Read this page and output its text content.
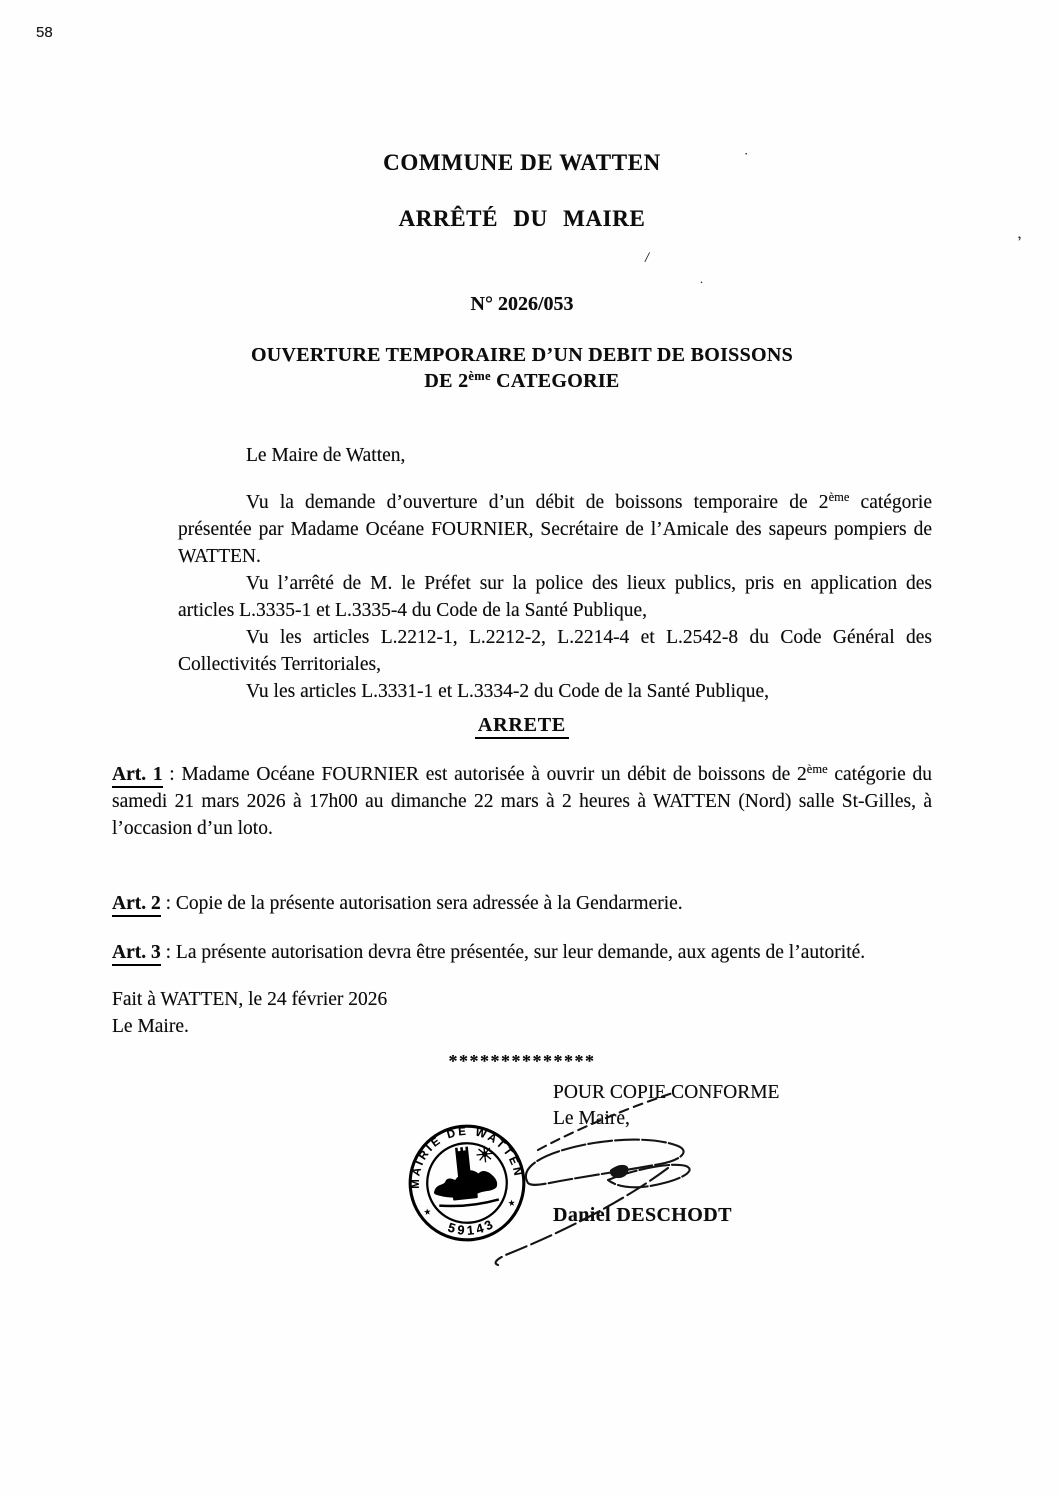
58
·
,
/
.
COMMUNE DE WATTEN
ARRÊTÉ DU MAIRE
N° 2026/053
OUVERTURE TEMPORAIRE D’UN DEBIT DE BOISSONS
DE 2ème CATEGORIE

Le Maire de Watten,

Vu la demande d’ouverture d’un débit de boissons temporaire de 2ème catégorie présentée par Madame Océane FOURNIER, Secrétaire de l’Amicale des sapeurs pompiers de WATTEN.

Vu l’arrêté de M. le Préfet sur la police des lieux publics, pris en application des articles L.3335-1 et L.3335-4 du Code de la Santé Publique,

Vu les articles L.2212-1, L.2212-2, L.2214-4 et L.2542-8 du Code Général des Collectivités Territoriales,

Vu les articles L.3331-1 et L.3334-2 du Code de la Santé Publique,

ARRETE

Art. 1 : Madame Océane FOURNIER est autorisée à ouvrir un débit de boissons de 2ème catégorie du samedi 21 mars 2026 à 17h00 au dimanche 22 mars à 2 heures à WATTEN (Nord) salle St-Gilles, à l’occasion d’un loto.

Art. 2 : Copie de la présente autorisation sera adressée à la Gendarmerie.

Art. 3 : La présente autorisation devra être présentée, sur leur demande, aux agents de l’autorité.

Fait à WATTEN, le 24 février 2026

Le Maire.

**************

POUR COPIE CONFORME

Le Maire,

Daniel DESCHODT

MAIRIE DE WATTEN
59143
★
★
